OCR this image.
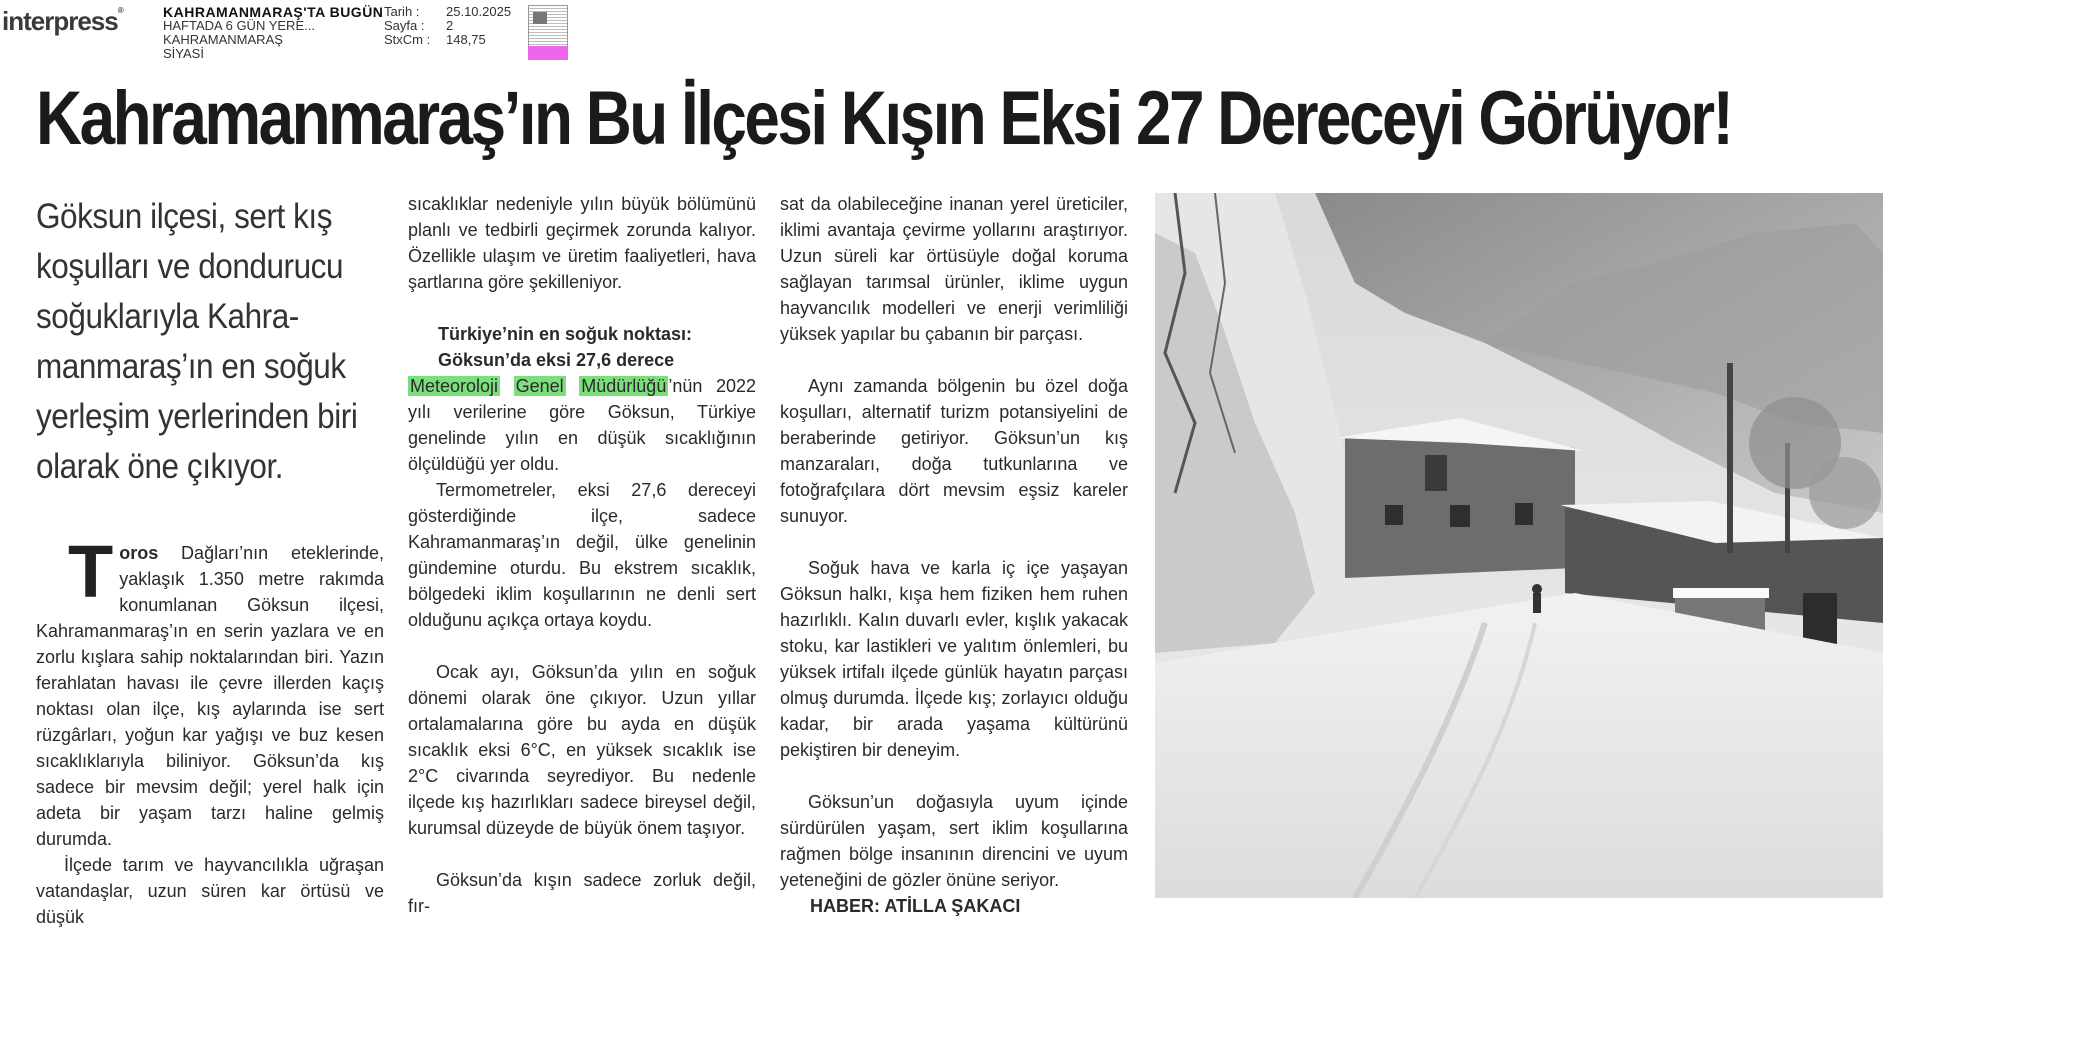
interpress®	KAHRAMANMARAŞ'TA BUGÜN
HAFTADA 6 GÜN YERE...
KAHRAMANMARAŞ
SİYASİ
Tarih :
Sayfa :
StxCm :
25.10.2025
2
148,75
Kahramanmaraş’ın Bu İlçesi Kışın Eksi 27 Dereceyi Görüyor!

Göksun ilçesi, sert kış koşulları ve dondurucu soğuklarıyla Kahra-manmaraş’ın en soğuk yerleşim yerlerinden biri olarak öne çıkıyor.

Toros Dağları’nın eteklerinde, yaklaşık 1.350 metre rakımda konumlanan Göksun ilçesi, Kahramanmaraş’ın en serin yazlara ve en zorlu kışlara sahip noktalarından biri. Yazın ferahlatan havası ile çevre illerden kaçış noktası olan ilçe, kış aylarında ise sert rüzgârları, yoğun kar yağışı ve buz kesen sıcaklıklarıyla biliniyor. Göksun’da kış sadece bir mevsim değil; yerel halk için adeta bir yaşam tarzı haline gelmiş durumda.

İlçede tarım ve hayvancılıkla uğraşan vatandaşlar, uzun süren kar örtüsü ve düşük

sıcaklıklar nedeniyle yılın büyük bölümünü planlı ve tedbirli geçirmek zorunda kalıyor. Özellikle ulaşım ve üretim faaliyetleri, hava şartlarına göre şekilleniyor.

Türkiye’nin en soğuk noktası:

Göksun’da eksi 27,6 derece

Meteoroloji Genel Müdürlüğü ’nün 2022 yılı verilerine göre Göksun, Türkiye genelinde yılın en düşük sıcaklığının ölçüldüğü yer oldu.

Termometreler, eksi 27,6 dereceyi gösterdiğinde ilçe, sadece Kahramanmaraş’ın değil, ülke genelinin gündemine oturdu. Bu ekstrem sıcaklık, bölgedeki iklim koşullarının ne denli sert olduğunu açıkça ortaya koydu.

Ocak ayı, Göksun’da yılın en soğuk dönemi olarak öne çıkıyor. Uzun yıllar ortalamalarına göre bu ayda en düşük sıcaklık eksi 6°C, en yüksek sıcaklık ise 2°C civarında seyrediyor. Bu nedenle ilçede kış hazırlıkları sadece bireysel değil, kurumsal düzeyde de büyük önem taşıyor.

Göksun’da kışın sadece zorluk değil, fır-

sat da olabileceğine inanan yerel üreticiler, iklimi avantaja çevirme yollarını araştırıyor. Uzun süreli kar örtüsüyle doğal koruma sağlayan tarımsal ürünler, iklime uygun hayvancılık modelleri ve enerji verimliliği yüksek yapılar bu çabanın bir parçası.

Aynı zamanda bölgenin bu özel doğa koşulları, alternatif turizm potansiyelini de beraberinde getiriyor. Göksun’un kış manzaraları, doğa tutkunlarına ve fotoğrafçılara dört mevsim eşsiz kareler sunuyor.

Soğuk hava ve karla iç içe yaşayan Göksun halkı, kışa hem fiziken hem ruhen hazırlıklı. Kalın duvarlı evler, kışlık yakacak stoku, kar lastikleri ve yalıtım önlemleri, bu yüksek irtifalı ilçede günlük hayatın parçası olmuş durumda. İlçede kış; zorlayıcı olduğu kadar, bir arada yaşama kültürünü pekiştiren bir deneyim.

Göksun’un doğasıyla uyum içinde sürdürülen yaşam, sert iklim koşullarına rağmen bölge insanının direncini ve uyum yeteneğini de gözler önüne seriyor.

HABER: ATİLLA ŞAKACI
